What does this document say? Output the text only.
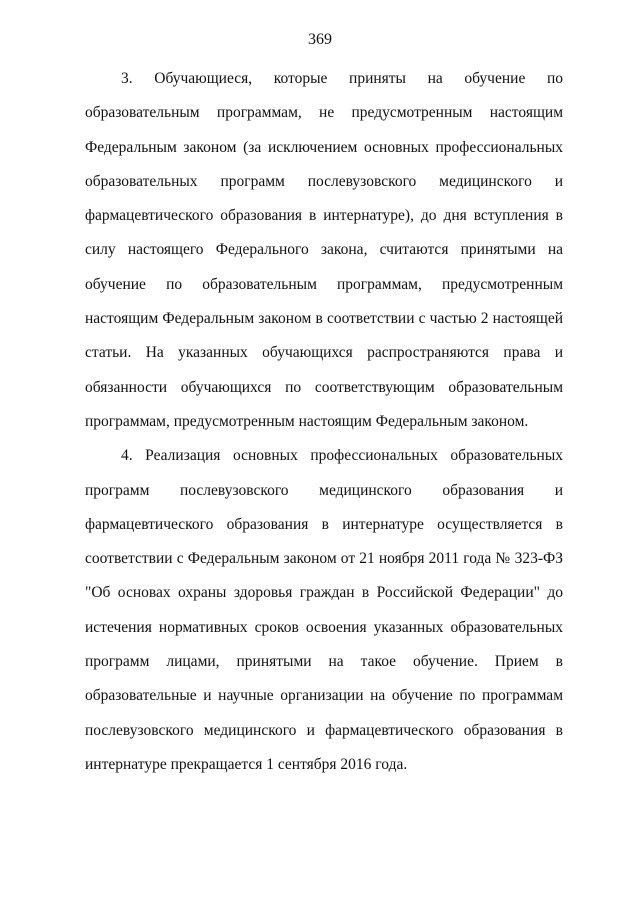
369

3. Обучающиеся, которые приняты на обучение по образовательным программам, не предусмотренным настоящим Федеральным законом (за исключением основных профессиональных образовательных программ послевузовского медицинского и фармацевтического образования в интернатуре), до дня вступления в силу настоящего Федерального закона, считаются принятыми на обучение по образовательным программам, предусмотренным настоящим Федеральным законом в соответствии с частью 2 настоящей статьи. На указанных обучающихся распространяются права и обязанности обучающихся по соответствующим образовательным программам, предусмотренным настоящим Федеральным законом.

4. Реализация основных профессиональных образовательных программ послевузовского медицинского образования и фармацевтического образования в интернатуре осуществляется в соответствии с Федеральным законом от 21 ноября 2011 года № 323-ФЗ "Об основах охраны здоровья граждан в Российской Федерации" до истечения нормативных сроков освоения указанных образовательных программ лицами, принятыми на такое обучение. Прием в образовательные и научные организации на обучение по программам послевузовского медицинского и фармацевтического образования в интернатуре прекращается 1 сентября 2016 года.
